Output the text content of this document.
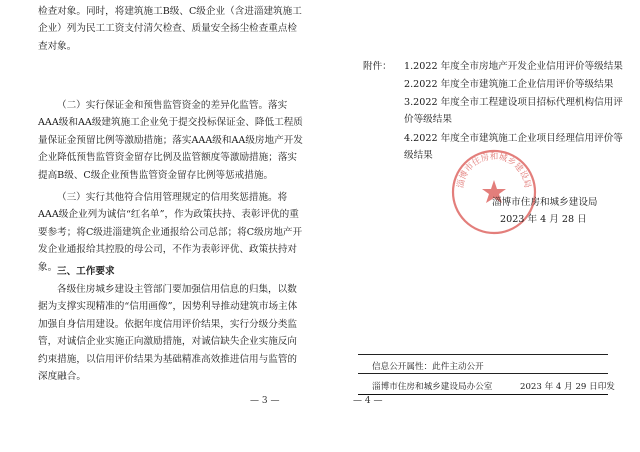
检查对象。同时，将建筑施工B级、C级企业（含进淄建筑施工企业）列为民工工资支付清欠检查、质量安全扬尘检查重点检查对象。

（二）实行保证金和预售监管资金的差异化监管。落实AAA级和AA级建筑施工企业免于提交投标保证金、降低工程质量保证金预留比例等激励措施；落实AAA级和AA级房地产开发企业降低预售监管资金留存比例及监管额度等激励措施；落实提高B级、C级企业预售监管资金留存比例等惩戒措施。

（三）实行其他符合信用管理规定的信用奖惩措施。将AAA级企业列为诚信“红名单”，作为政策扶持、表彰评优的重要参考；将C级进淄建筑企业通报给公司总部；将C级房地产开发企业通报给其控股的母公司，不作为表彰评优、政策扶持对象。 三、工作要求

各级住房城乡建设主管部门要加强信用信息的归集，以数据为支撑实现精准的“信用画像”，因势利导推动建筑市场主体加强自身信用建设。依据年度信用评价结果，实行分级分类监管，对诚信企业实施正向激励措施，对诚信缺失企业实施反向约束措施，以信用评价结果为基础精准高效推进信用与监管的深度融合。

— 3 —
附件： 1.2022 年度全市房地产开发企业信用评价等级结果

2.2022 年度全市建筑施工企业信用评价等级结果

3.2022 年度全市工程建设项目招标代理机构信用评价等级结果

4.2022 年度全市建筑施工企业项目经理信用评价等级结果

淄博市住房和城乡建设局
淄博市住房和城乡建设局
2023 年 4 月 28 日
信息公开属性：此件主动公开
淄博市住房和城乡建设局办公室	2023 年 4 月 29 日印发
— 4 —
